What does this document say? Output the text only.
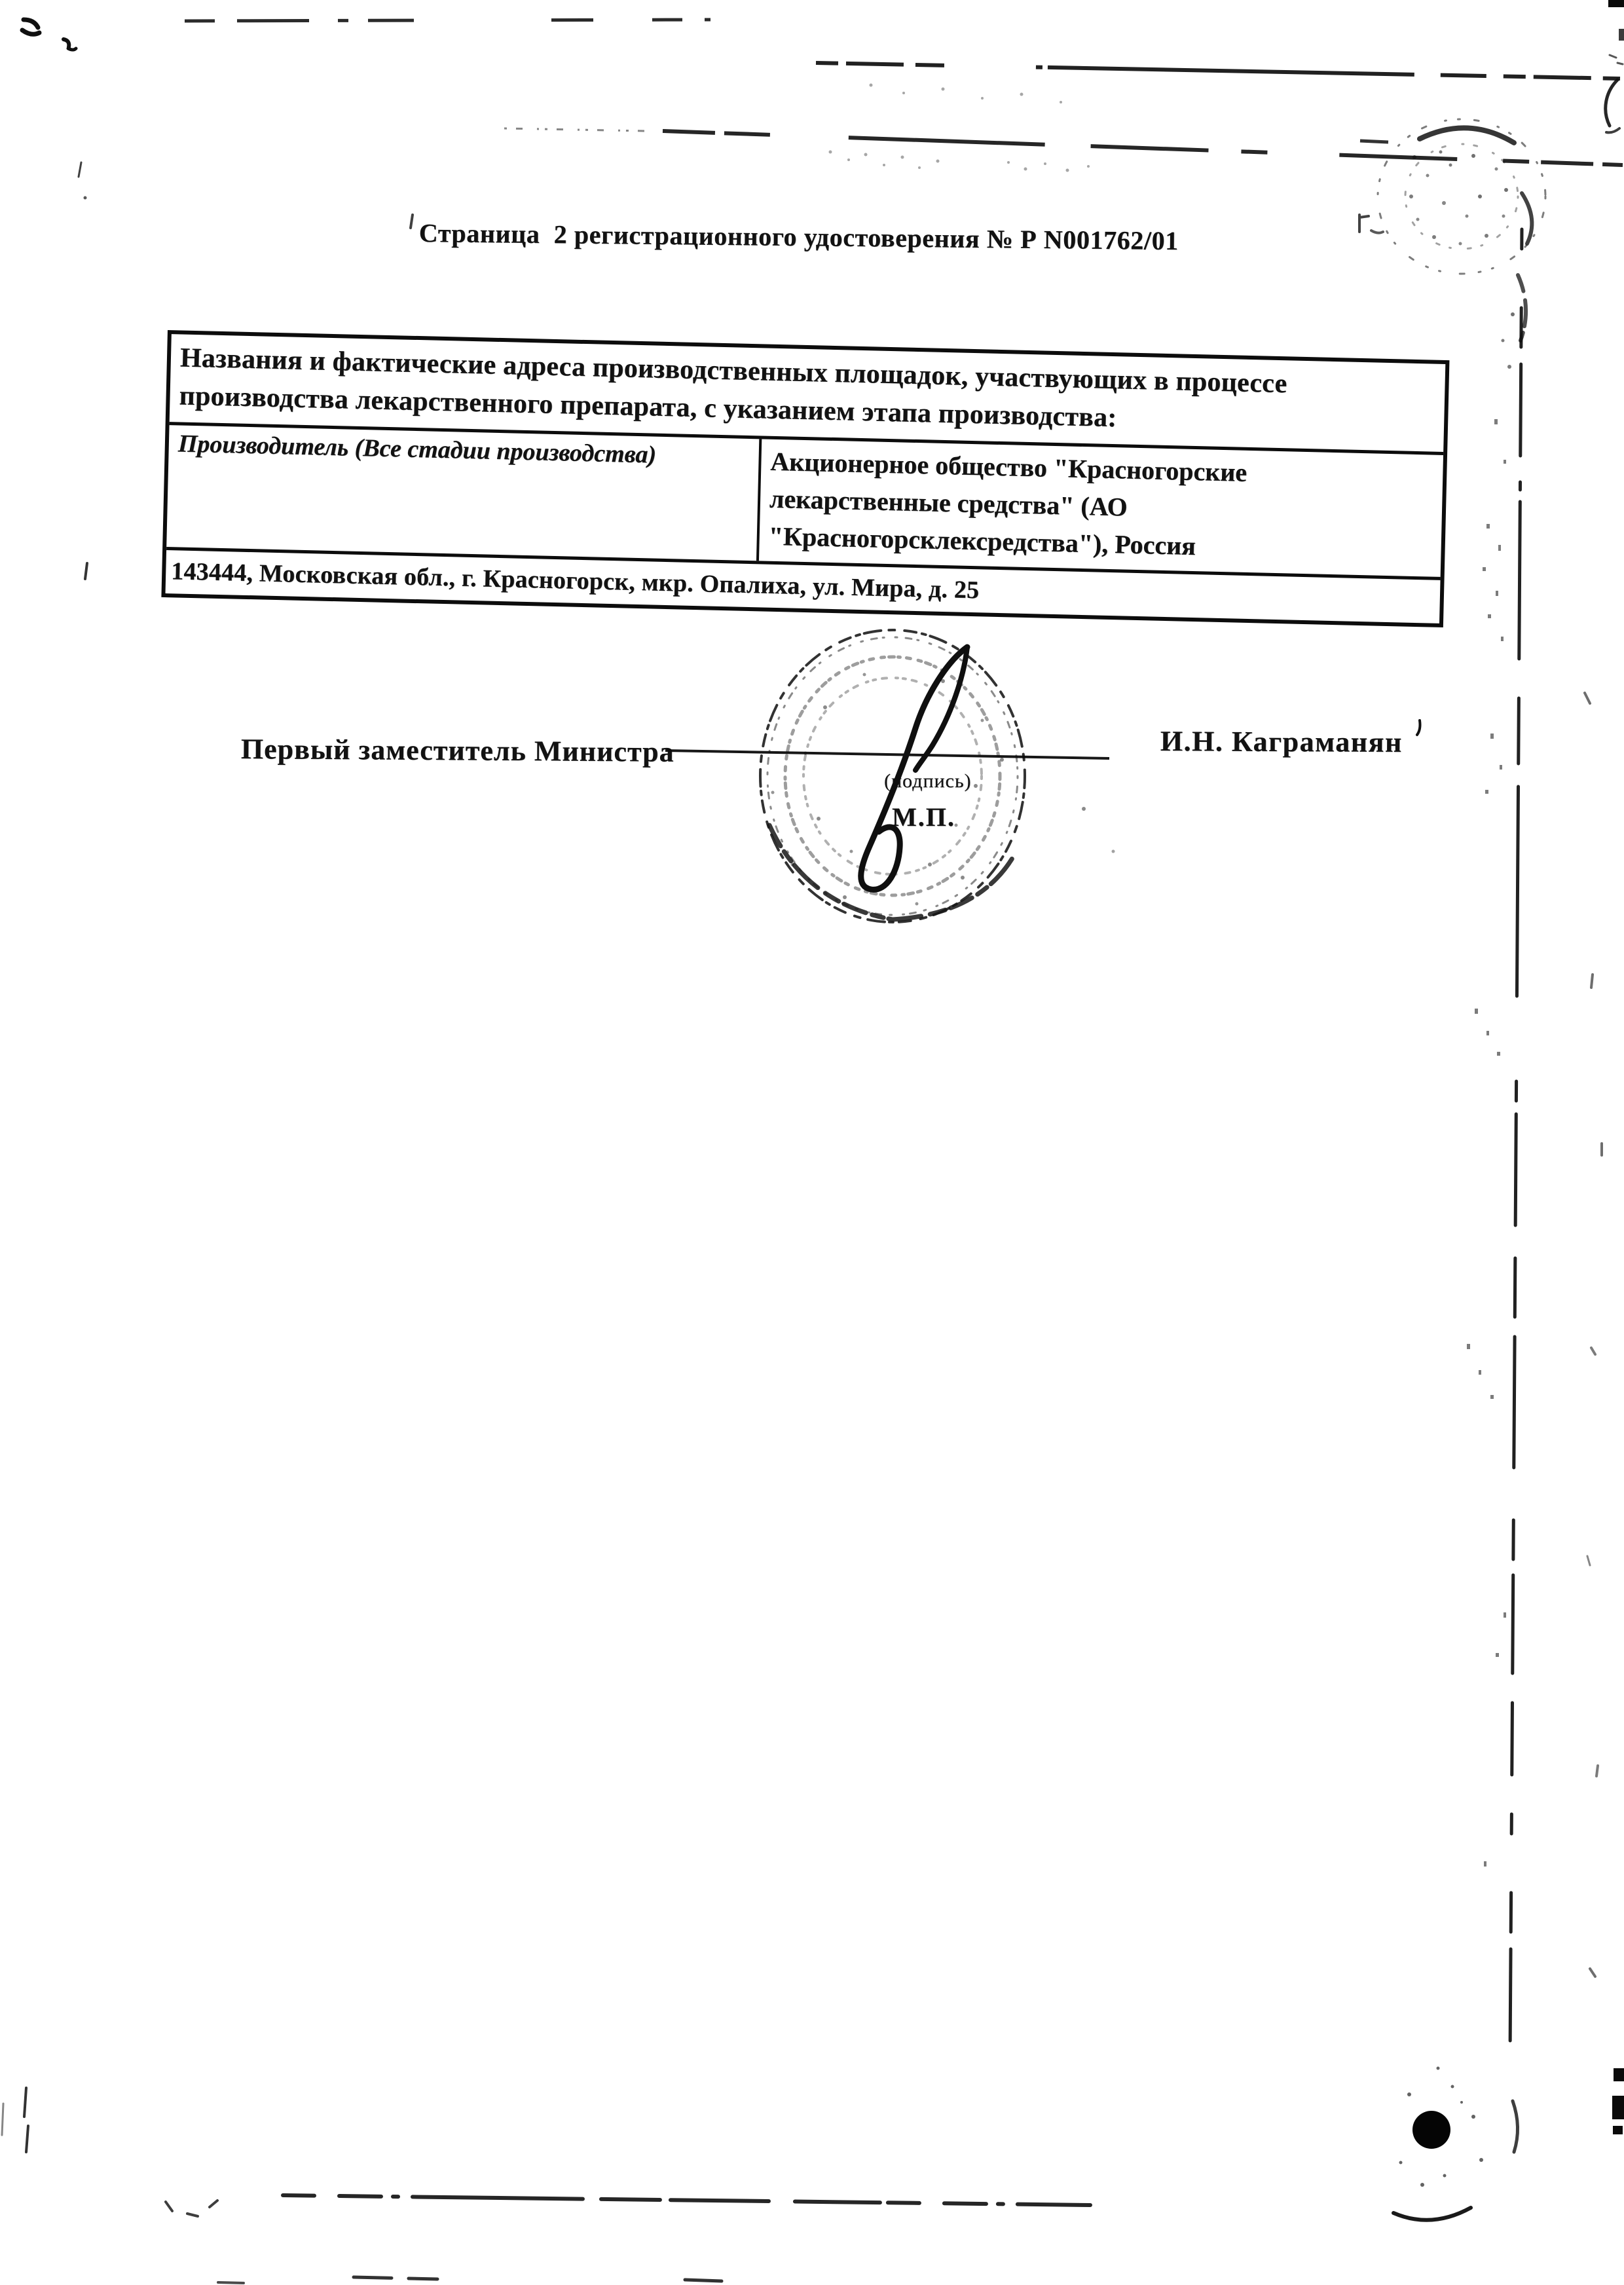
Страница  2 регистрационного удостоверения № Р N001762/01
Названия и фактические адреса производственных площадок, участвующих в процессе
производства лекарственного препарата, с указанием этапа производства:
Производитель (Все стадии производства)	Акционерное общество "Красногорские
лекарственные средства" (АО
"Красногорсклексредства"), Россия
143444, Московская обл., г. Красногорск, мкр. Опалиха, ул. Мира, д. 25
Первый заместитель Министра
(подпись)
М.П.
И.Н. Каграманян
